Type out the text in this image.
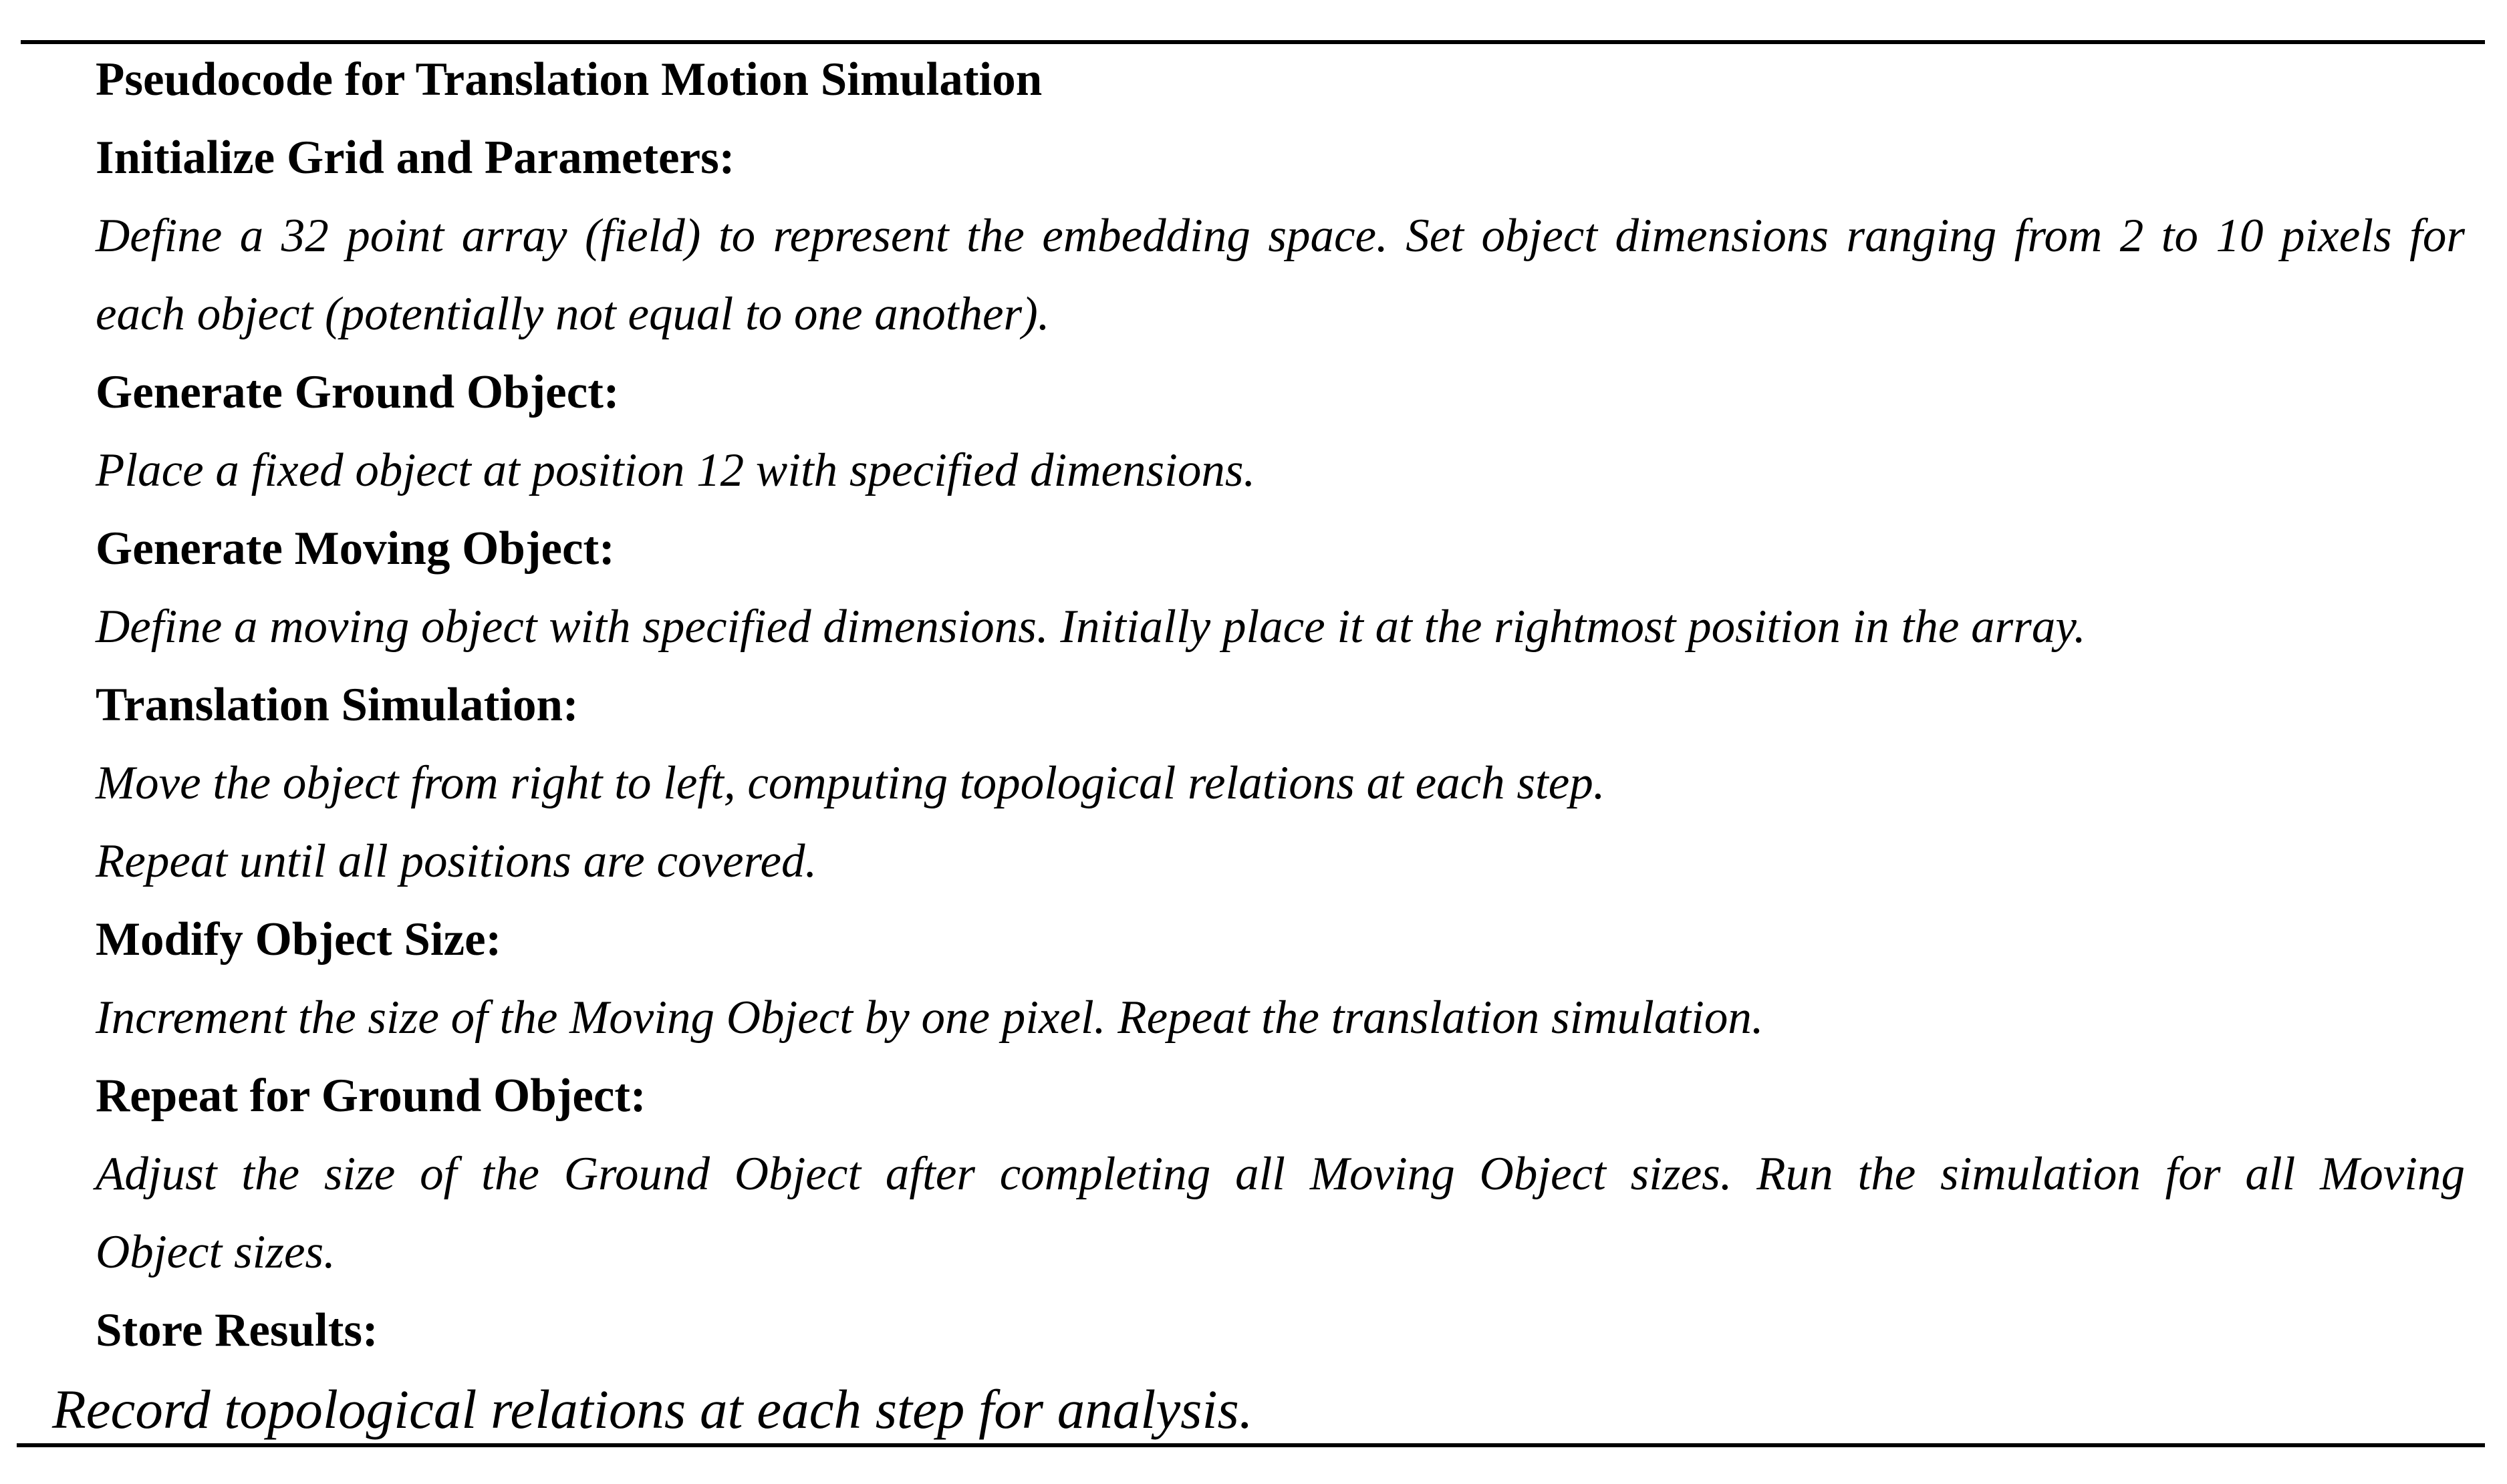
Pseudocode for Translation Motion Simulation
Initialize Grid and Parameters:
Define a 32 point array (field) to represent the embedding space. Set object dimensions ranging from 2 to 10 pixels for
each object (potentially not equal to one another).
Generate Ground Object:
Place a fixed object at position 12 with specified dimensions.
Generate Moving Object:
Define a moving object with specified dimensions. Initially place it at the rightmost position in the array.
Translation Simulation:
Move the object from right to left, computing topological relations at each step.
Repeat until all positions are covered.
Modify Object Size:
Increment the size of the Moving Object by one pixel. Repeat the translation simulation.
Repeat for Ground Object:
Adjust the size of the Ground Object after completing all Moving Object sizes. Run the simulation for all Moving
Object sizes.
Store Results:
Record topological relations at each step for analysis.
